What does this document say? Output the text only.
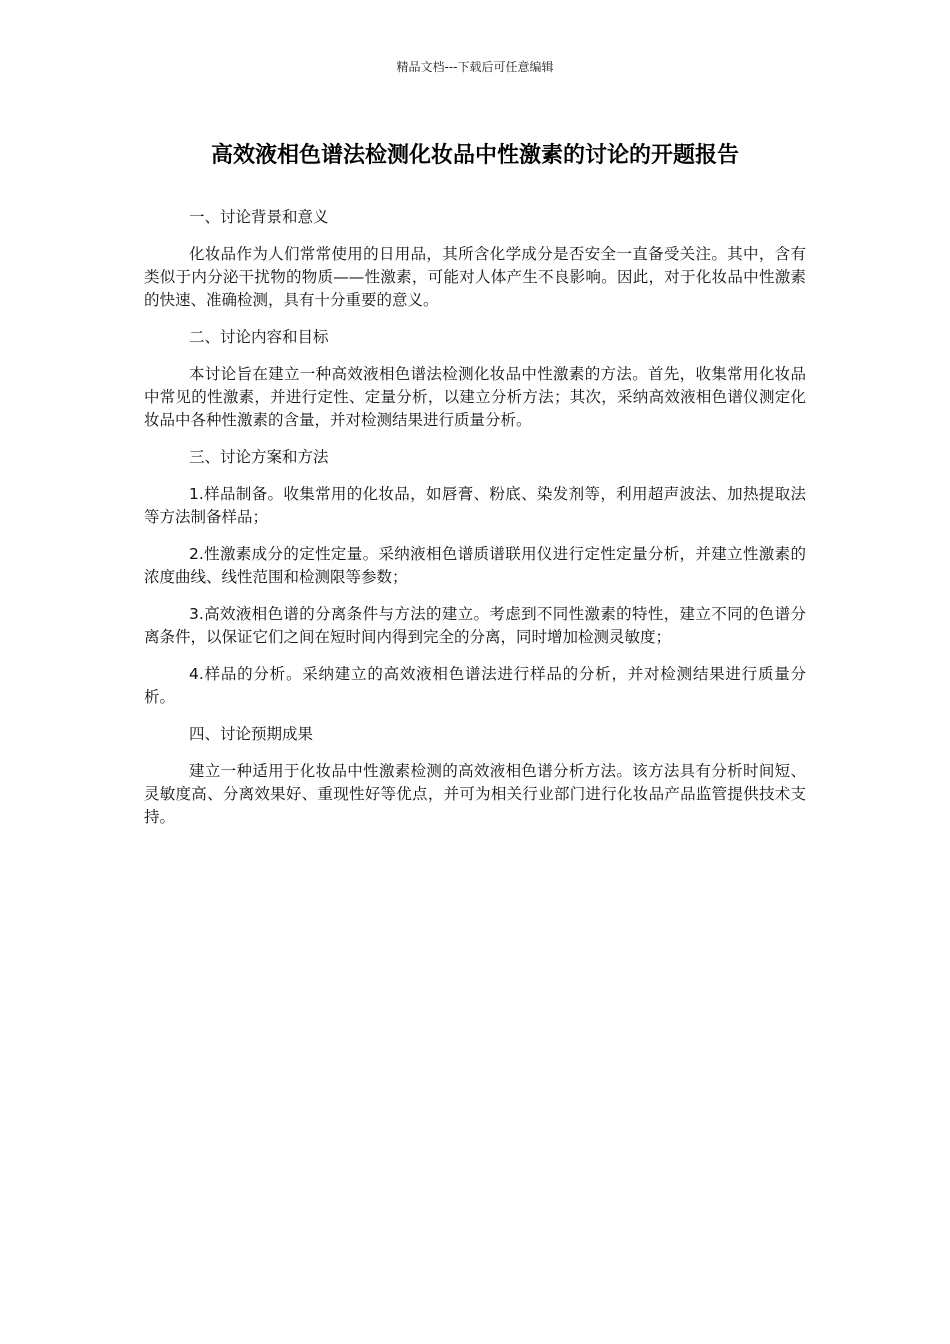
精品文档---下载后可任意编辑
高效液相色谱法检测化妆品中性激素的讨论的开题报告

一、讨论背景和意义

化妆品作为人们常常使用的日用品，其所含化学成分是否安全一直备受关注。其中，含有类似于内分泌干扰物的物质——性激素，可能对人体产生不良影响。因此，对于化妆品中性激素的快速、准确检测，具有十分重要的意义。

二、讨论内容和目标

本讨论旨在建立一种高效液相色谱法检测化妆品中性激素的方法。首先，收集常用化妆品中常见的性激素，并进行定性、定量分析，以建立分析方法；其次，采纳高效液相色谱仪测定化妆品中各种性激素的含量，并对检测结果进行质量分析。

三、讨论方案和方法

1.样品制备。收集常用的化妆品，如唇膏、粉底、染发剂等，利用超声波法、加热提取法等方法制备样品；

2.性激素成分的定性定量。采纳液相色谱质谱联用仪进行定性定量分析，并建立性激素的浓度曲线、线性范围和检测限等参数；

3.高效液相色谱的分离条件与方法的建立。考虑到不同性激素的特性，建立不同的色谱分离条件，以保证它们之间在短时间内得到完全的分离，同时增加检测灵敏度；

4.样品的分析。采纳建立的高效液相色谱法进行样品的分析，并对检测结果进行质量分析。

四、讨论预期成果

建立一种适用于化妆品中性激素检测的高效液相色谱分析方法。该方法具有分析时间短、灵敏度高、分离效果好、重现性好等优点，并可为相关行业部门进行化妆品产品监管提供技术支持。
